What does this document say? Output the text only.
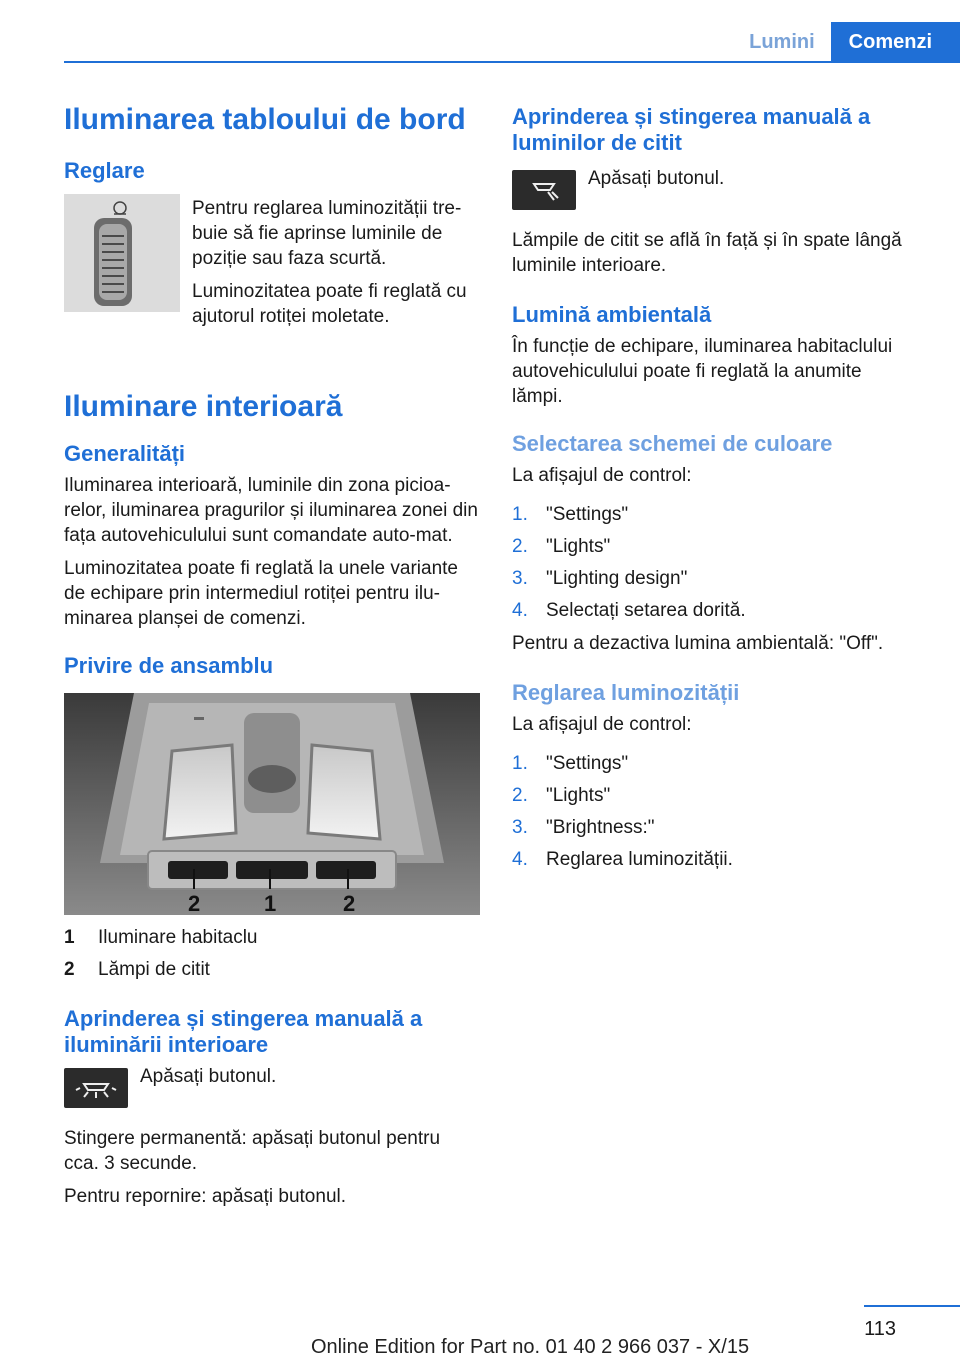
Lumini	Comenzi
Iluminarea tabloului de bord
Reglare

Pentru reglarea luminozității tre-buie să fie aprinse luminile de poziție sau faza scurtă.

Luminozitatea poate fi reglată cu ajutorul rotiței moletate.

Iluminare interioară
Generalități

Iluminarea interioară, luminile din zona picioa-relor, iluminarea pragurilor și iluminarea zonei din fața autovehiculului sunt comandate auto-mat.

Luminozitatea poate fi reglată la unele variante de echipare prin intermediul rotiței pentru ilu-minarea planșei de comenzi.

Privire de ansamblu
2	1	2
1	Iluminare habitaclu
2	Lămpi de citit
Aprinderea și stingerea manuală a iluminării interioare

Apăsați butonul.

Stingere permanentă: apăsați butonul pentru cca. 3 secunde.

Pentru repornire: apăsați butonul.

Aprinderea și stingerea manuală a luminilor de citit

Apăsați butonul.

Lămpile de citit se află în față și în spate lângă luminile interioare.

Lumină ambientală

În funcție de echipare, iluminarea habitaclului autovehiculului poate fi reglată la anumite lămpi.

Selectarea schemei de culoare

La afișajul de control:

1. "Settings"
2. "Lights"
3. "Lighting design"
4. Selectați setarea dorită.

Pentru a dezactiva lumina ambientală: "Off".

Reglarea luminozității

La afișajul de control:

1. "Settings"
2. "Lights"
3. "Brightness:"
4. Reglarea luminozității.
113
Online Edition for Part no. 01 40 2 966 037 - X/15
